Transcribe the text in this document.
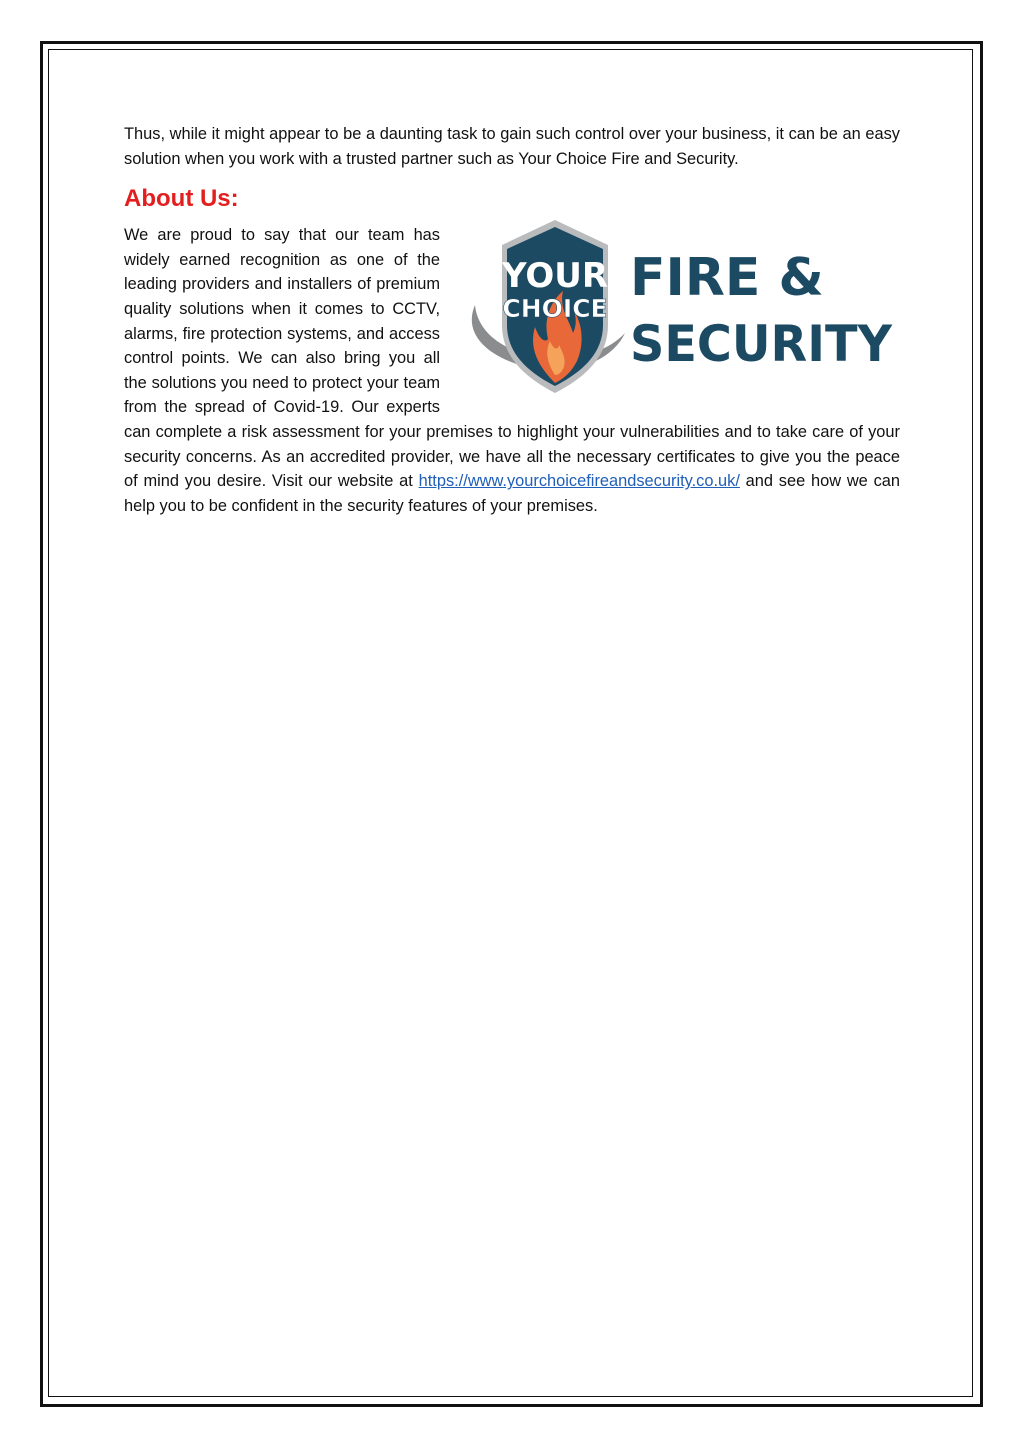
Thus, while it might appear to be a daunting task to gain such control over your business, it can be an easy solution when you work with a trusted partner such as Your Choice Fire and Security.

About Us:

YOUR
CHOICE
FIRE &
SECURITY
We are proud to say that our team has widely earned recognition as one of the leading providers and installers of premium quality solutions when it comes to CCTV, alarms, fire protection systems, and access control points. We can also bring you all the solutions you need to protect your team from the spread of Covid-19. Our experts can complete a risk assessment for your premises to highlight your vulnerabilities and to take care of your security concerns. As an accredited provider, we have all the necessary certificates to give you the peace of mind you desire. Visit our website at https://www.yourchoicefireandsecurity.co.uk/ and see how we can help you to be confident in the security features of your premises.
